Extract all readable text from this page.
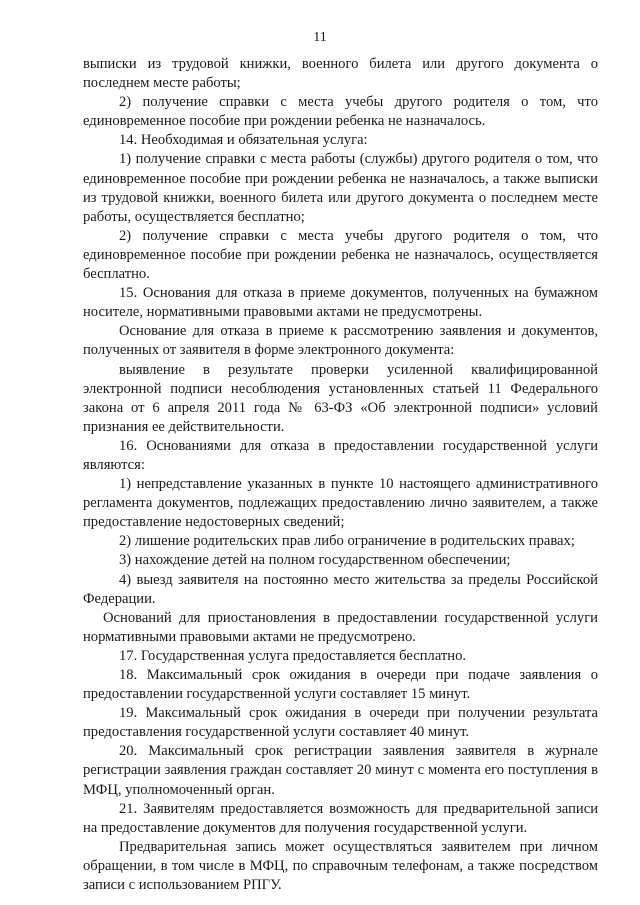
11

выписки из трудовой книжки, военного билета или другого документа о последнем месте работы;

2) получение справки с места учебы другого родителя о том, что единовременное пособие при рождении ребенка не назначалось.

14. Необходимая и обязательная услуга:

1) получение справки с места работы (службы) другого родителя о том, что единовременное пособие при рождении ребенка не назначалось, а также выписки из трудовой книжки, военного билета или другого документа о последнем месте работы, осуществляется бесплатно;

2) получение справки с места учебы другого родителя о том, что единовременное пособие при рождении ребенка не назначалось, осуществляется бесплатно.

15. Основания для отказа в приеме документов, полученных на бумажном носителе, нормативными правовыми актами не предусмотрены.

Основание для отказа в приеме к рассмотрению заявления и документов, полученных от заявителя в форме электронного документа:

выявление в результате проверки усиленной квалифицированной электронной подписи несоблюдения установленных статьей 11 Федерального закона от 6 апреля 2011 года № 63-ФЗ «Об электронной подписи» условий признания ее действительности.

16. Основаниями для отказа в предоставлении государственной услуги являются:

1) непредставление указанных в пункте 10 настоящего административного регламента документов, подлежащих предоставлению лично заявителем, а также предоставление недостоверных сведений;

2) лишение родительских прав либо ограничение в родительских правах;

3) нахождение детей на полном государственном обеспечении;

4) выезд заявителя на постоянно место жительства за пределы Российской Федерации.

Оснований для приостановления в предоставлении государственной услуги нормативными правовыми актами не предусмотрено.

17. Государственная услуга предоставляется бесплатно.

18. Максимальный срок ожидания в очереди при подаче заявления о предоставлении государственной услуги составляет 15 минут.

19. Максимальный срок ожидания в очереди при получении результата предоставления государственной услуги составляет 40 минут.

20. Максимальный срок регистрации заявления заявителя в журнале регистрации заявления граждан составляет 20 минут с момента его поступления в МФЦ, уполномоченный орган.

21. Заявителям предоставляется возможность для предварительной записи на предоставление документов для получения государственной услуги.

Предварительная запись может осуществляться заявителем при личном обращении, в том числе в МФЦ, по справочным телефонам, а также посредством записи с использованием РПГУ.
